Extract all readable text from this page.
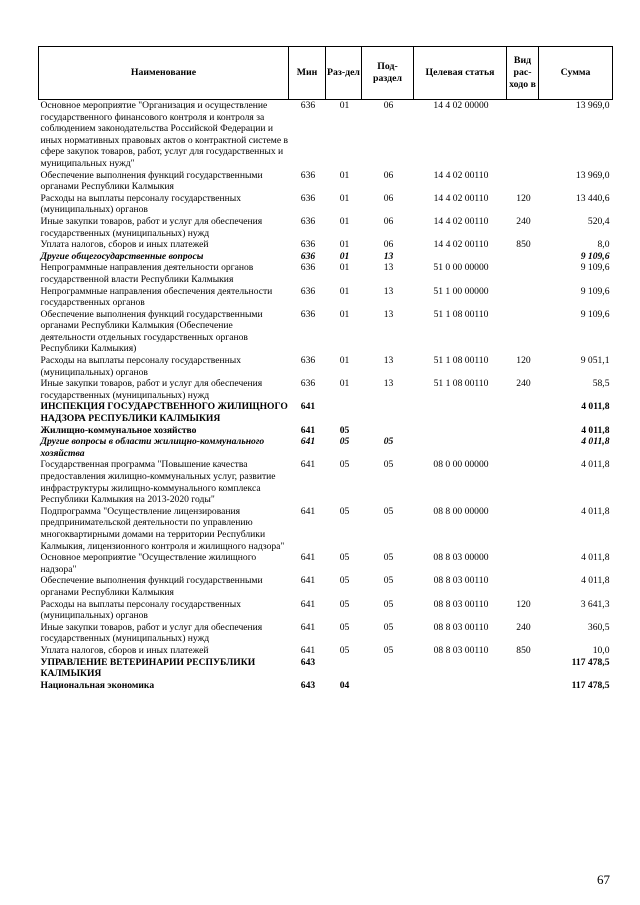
Наименование	Мин	Раз-дел	Под-раздел	Целевая статья	Вид рас-ходо в	Сумма
Основное мероприятие "Организация и осуществление государственного финансового контроля и контроля за соблюдением законодательства Российской Федерации и иных нормативных правовых актов о контрактной системе в сфере закупок товаров, работ, услуг для государственных и муниципальных нужд"	636	01	06	14 4 02 00000		13 969,0
Обеспечение выполнения функций государственными органами Республики Калмыкия	636	01	06	14 4 02 00110		13 969,0
Расходы на выплаты персоналу государственных (муниципальных) органов	636	01	06	14 4 02 00110	120	13 440,6
Иные закупки товаров, работ и услуг для обеспечения государственных (муниципальных) нужд	636	01	06	14 4 02 00110	240	520,4
Уплата налогов, сборов и иных платежей	636	01	06	14 4 02 00110	850	8,0
Другие общегосударственные вопросы	636	01	13			9 109,6
Непрограммные направления деятельности органов государственной власти Республики Калмыкия	636	01	13	51 0 00 00000		9 109,6
Непрограммные направления обеспечения деятельности государственных органов	636	01	13	51 1 00 00000		9 109,6
Обеспечение выполнения функций государственными органами Республики Калмыкия (Обеспечение деятельности отдельных государственных органов Республики Калмыкия)	636	01	13	51 1 08 00110		9 109,6
Расходы на выплаты персоналу государственных (муниципальных) органов	636	01	13	51 1 08 00110	120	9 051,1
Иные закупки товаров, работ и услуг для обеспечения государственных (муниципальных) нужд	636	01	13	51 1 08 00110	240	58,5
ИНСПЕКЦИЯ ГОСУДАРСТВЕННОГО ЖИЛИЩНОГО НАДЗОРА РЕСПУБЛИКИ КАЛМЫКИЯ	641					4 011,8
Жилищно-коммунальное хозяйство	641	05				4 011,8
Другие вопросы в области жилищно-коммунального хозяйства	641	05	05			4 011,8
Государственная программа "Повышение качества предоставления жилищно-коммунальных услуг, развитие инфраструктуры жилищно-коммунального комплекса Республики Калмыкия на 2013-2020 годы"	641	05	05	08 0 00 00000		4 011,8
Подпрограмма "Осуществление лицензирования предпринимательской деятельности по управлению многоквартирными домами на территории Республики Калмыкия, лицензионного контроля и жилищного надзора"	641	05	05	08 8 00 00000		4 011,8
Основное мероприятие "Осуществление жилищного надзора"	641	05	05	08 8 03 00000		4 011,8
Обеспечение выполнения функций государственными органами Республики Калмыкия	641	05	05	08 8 03 00110		4 011,8
Расходы на выплаты персоналу государственных (муниципальных) органов	641	05	05	08 8 03 00110	120	3 641,3
Иные закупки товаров, работ и услуг для обеспечения государственных (муниципальных) нужд	641	05	05	08 8 03 00110	240	360,5
Уплата налогов, сборов и иных платежей	641	05	05	08 8 03 00110	850	10,0
УПРАВЛЕНИЕ ВЕТЕРИНАРИИ РЕСПУБЛИКИ КАЛМЫКИЯ	643					117 478,5
Национальная экономика	643	04				117 478,5
67
